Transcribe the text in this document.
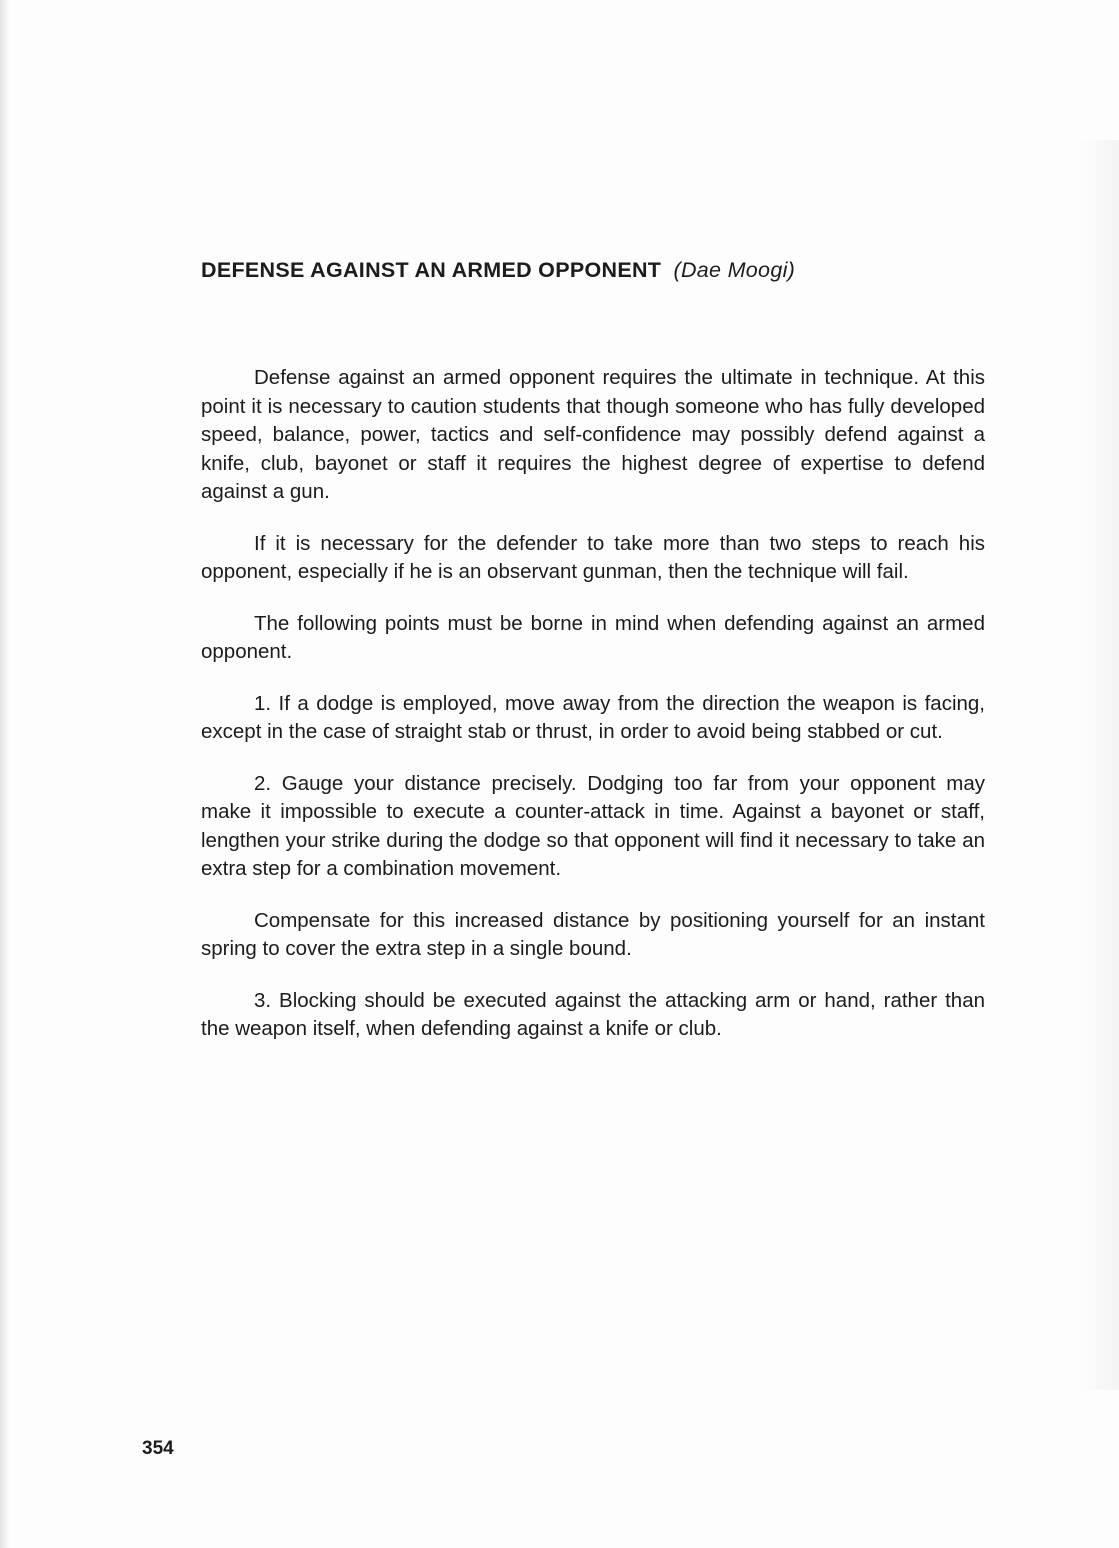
DEFENSE AGAINST AN ARMED OPPONENT (Dae Moogi)

Defense against an armed opponent requires the ultimate in technique. At this point it is necessary to caution students that though someone who has fully developed speed, balance, power, tactics and self-confidence may possibly defend against a knife, club, bayonet or staff it requires the highest degree of expertise to defend against a gun.

If it is necessary for the defender to take more than two steps to reach his opponent, especially if he is an observant gunman, then the technique will fail.

The following points must be borne in mind when defending against an armed opponent.

1. If a dodge is employed, move away from the direction the weapon is facing, except in the case of straight stab or thrust, in order to avoid being stabbed or cut.

2. Gauge your distance precisely. Dodging too far from your opponent may make it impossible to execute a counter-attack in time. Against a bayonet or staff, lengthen your strike during the dodge so that opponent will find it necessary to take an extra step for a combination movement.

Compensate for this increased distance by positioning yourself for an instant spring to cover the extra step in a single bound.

3. Blocking should be executed against the attacking arm or hand, rather than the weapon itself, when defending against a knife or club.

354
